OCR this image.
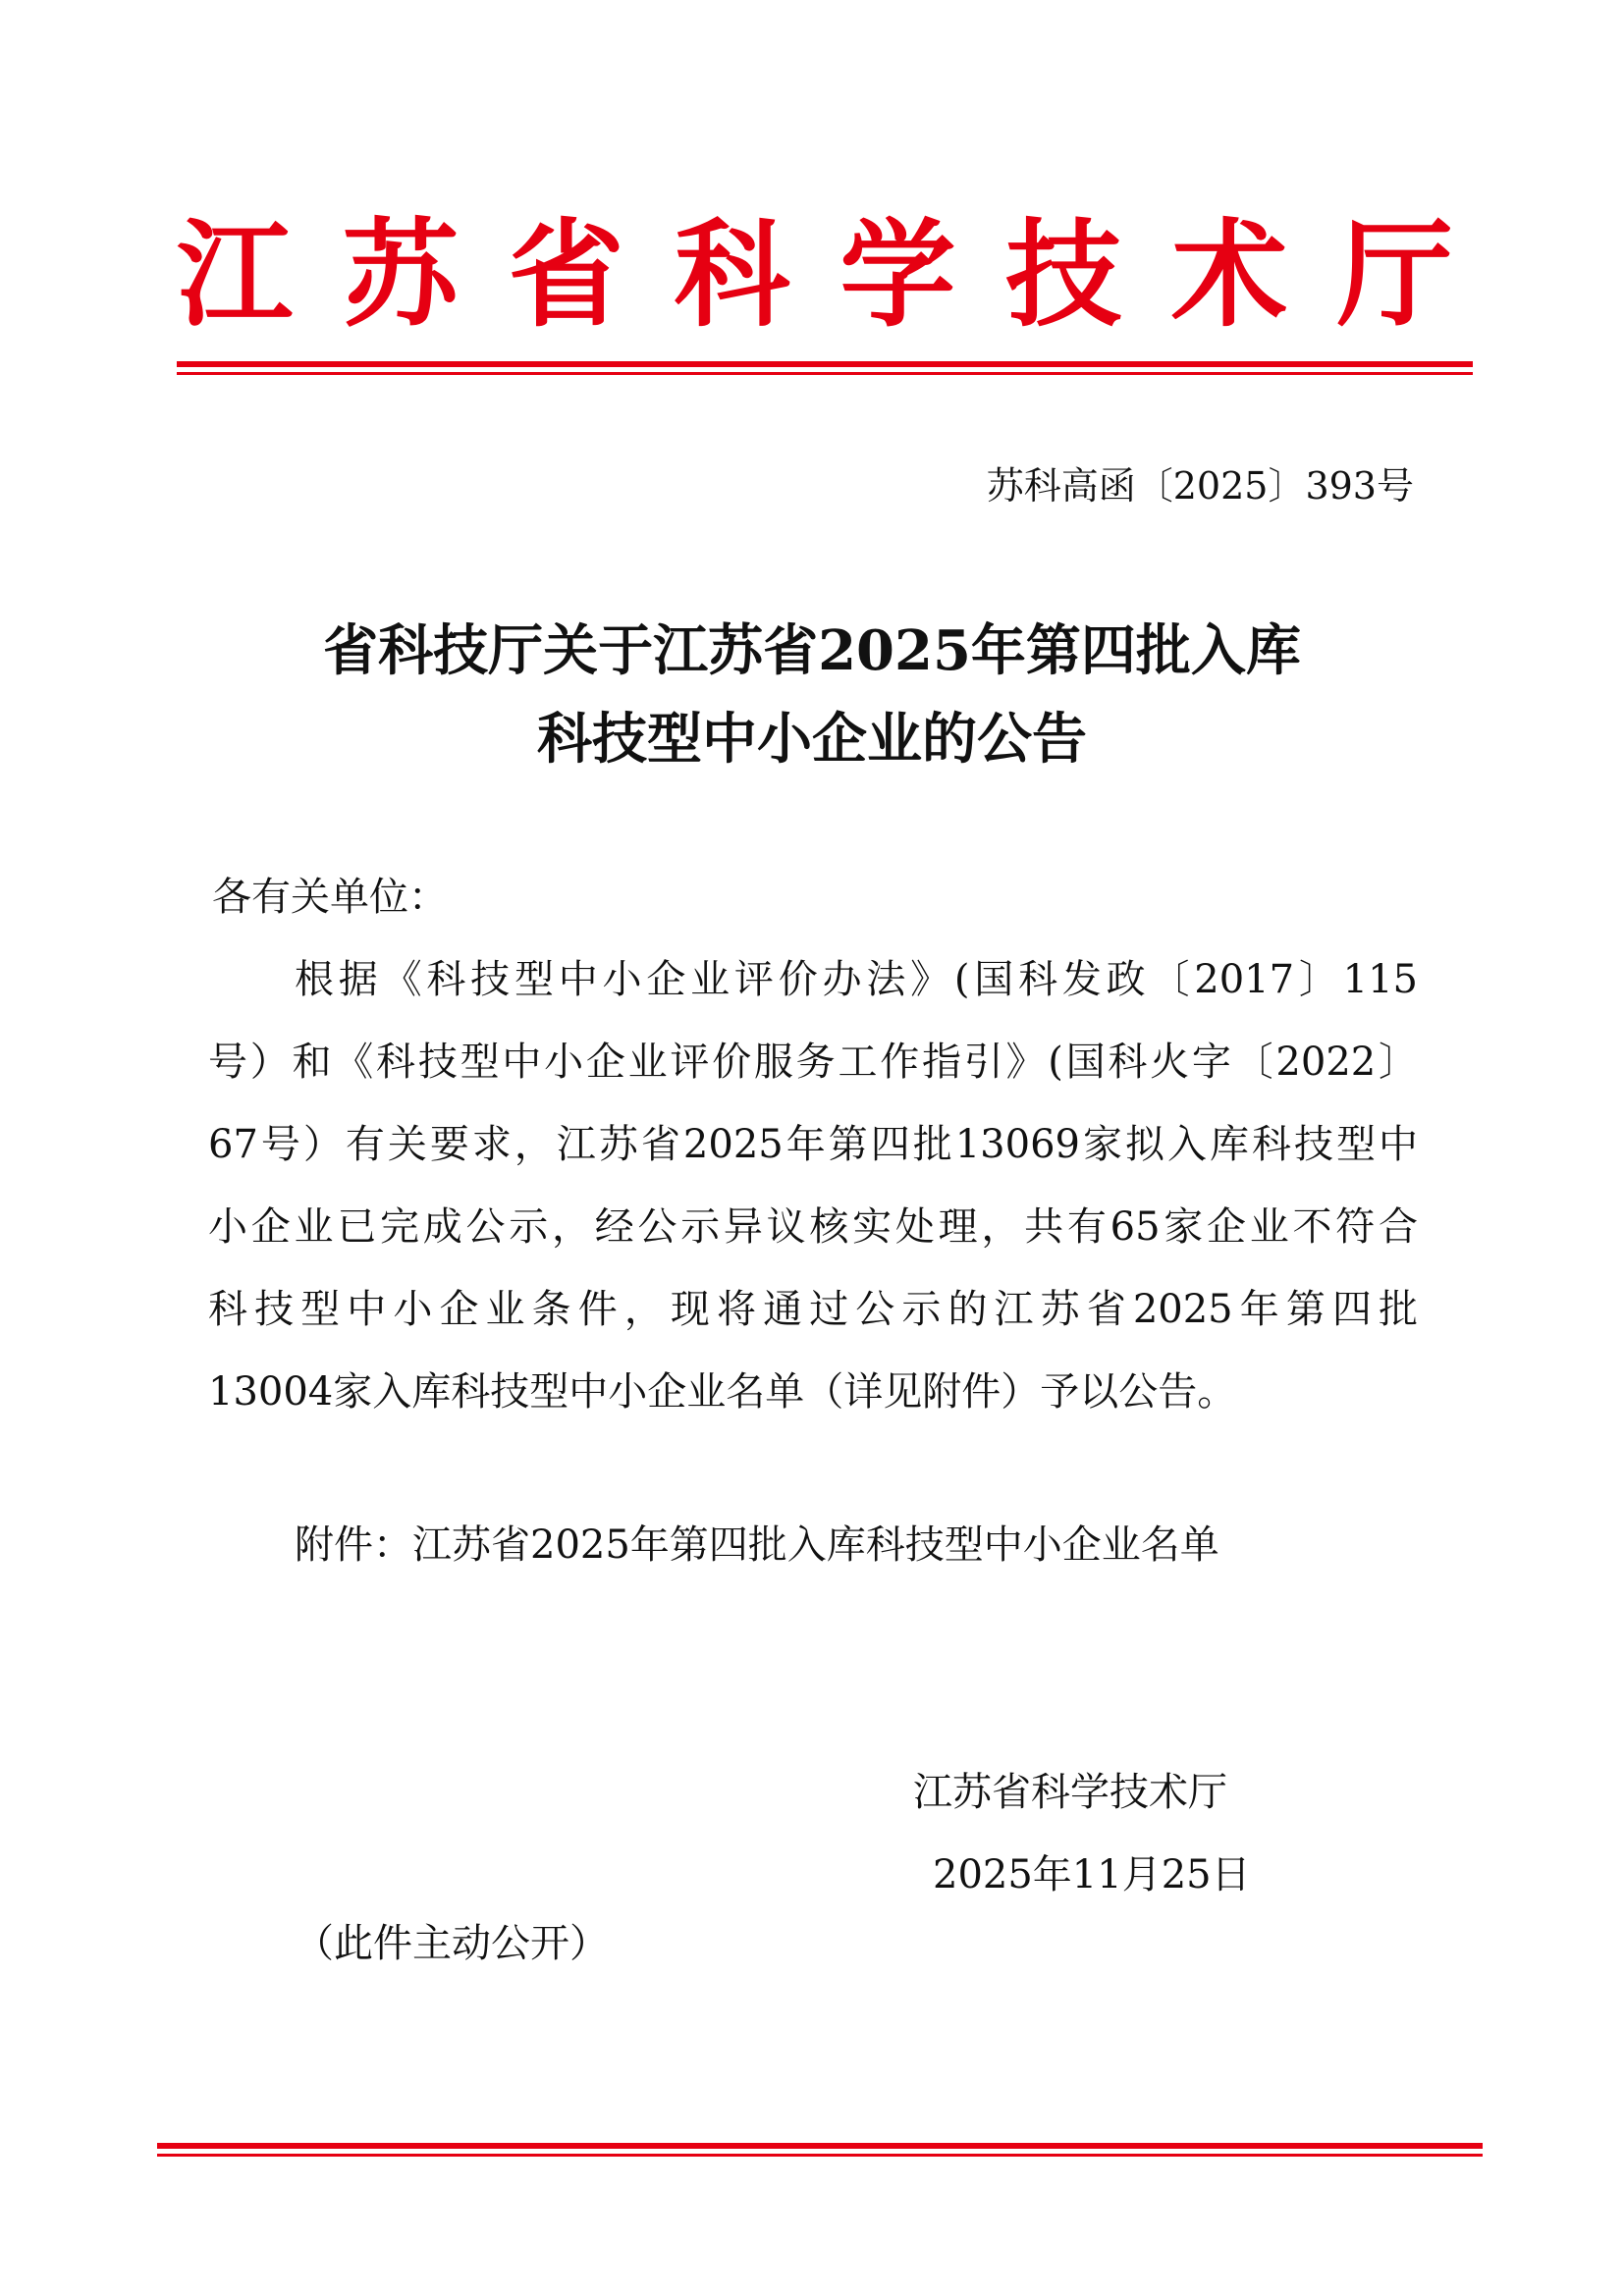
江 苏 省 科 学 技 术 厅
苏科高函〔2025〕393号
省科技厅关于江苏省2025年第四批入库
科技型中小企业的公告
各有关单位：
根据《科技型中小企业评价办法》(国科发政〔2017〕115
号）和《科技型中小企业评价服务工作指引》(国科火字〔2022〕
67号）有关要求，江苏省2025年第四批13069家拟入库科技型中
小企业已完成公示，经公示异议核实处理，共有65家企业不符合
科技型中小企业条件，现将通过公示的江苏省2025年第四批
13004家入库科技型中小企业名单（详见附件）予以公告。
附件：江苏省2025年第四批入库科技型中小企业名单
江苏省科学技术厅
2025年11月25日
（此件主动公开）
